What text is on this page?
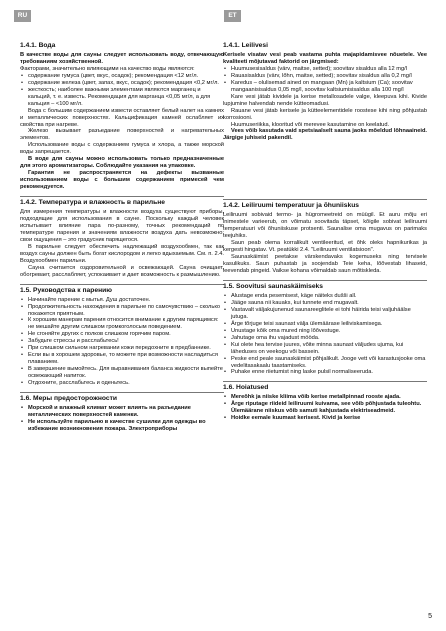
RU	ET
1.4.1. Вода

В качестве воды для сауны следует использовать воду, отвечающую требованиям хозяйственной.

Факторами, значительно влияющими на качество воды являются:

• содержание гумуса (цвет, вкус, осадок); рекомендация <12 мг/л.
• содержание железа (цвет, запах, вкус, осадок); рекомендация <0,2 мг/л.
• жесткость; наиболее важными элементами являются марганец и кальций, т. е. известь. Рекомендация для марганца <0,05 мг/л, а для кальция – <100 мг/л.

Вода с большим содержанием извести оставляет белый налет на камнях и металлических поверхностях. Кальцификация камней ослабляет их свойства при нагреве.

Железо вызывает разъедание поверхностей и нагревательных элементов.

Использование воды с содержанием гумуса и хлора, а также морской воды запрещается.

В воде для сауны можно использовать только предназначенные для этого ароматизаторы. Соблюдайте указания на упаковке.

Гарантия не распространяется на дефекты вызванные использованием воды с большим содержанием примесей чем рекомендуется.

1.4.2. Температура и влажность в парильне

Для измерения температуры и влажности воздуха существуют приборы, подходящие для использования в сауне. Поскольку каждый человек испытывает влияние пара по-разному, точных рекомендаций по температуре парения и значениям влажности воздуха дать невозможно: свои ощущения – это градусник парящегося.

В парильне следует обеспечить надлежащий воздухообмен, так как воздух сауны должен быть богат кислородом и легко вдыхаемым. См. п. 2.4. Воздухообмен парильни.

Сауна считается оздоровительной и освежающей. Сауна очищает, обогревает, расслабляет, успокаивает и дает возможность к размышлению.

1.5. Руководства к парению
• Начинайте парение с мытья. Душ достаточен.
• Продолжительность нахождения в парильне по самочувствию – сколько покажется приятным.
• К хорошим манерам парения относится внимание к другим парящимся: не мешайте другим слишком громкоголосым поведением.
• Не сгоняйте других с полков слишком горячим паром.
• Забудьте стрессы и расслабьтесь!
• При слишком сильном нагревании кожи передохните в предбаннике.
• Если вы в хорошем здоровье, то можете при возможности насладиться плаванием.
• В завершение вымойтесь. Для выравнивания баланса жидкости выпейте освежающий напиток.
• Отдохните, расслабьтесь и оденьтесь.
1.6. Меры предосторожности
• Морской и влажный климат может влиять на разъедание металлических поверхностей каменки.
• Не используйте парильню в качестве сушилки для одежды во избежание возникновения пожара. Электроприборы
1.4.1. Leilivesi

Kerisele visatav vesi peab vastama puhta majapidamisvee nõuetele. Vee kvaliteeti mõjutavad faktorid on järgmised:

• Huumusesisaldus (värv, maitse, setted); soovitav sisaldus alla 12 mg/l
• Rauasisaldus (värv, lõhn, maitse, setted); soovitav sisaldus alla 0,2 mg/l
• Karedus – olulisemad ained on mangaan (Mn) ja kaltsium (Ca); soovitav mangaanisisaldus 0,05 mg/l, soovitav kaltsiumisisaldus alla 100 mg/l

Kare vesi jätab kividele ja kerise metallosadele valge, kleepuva kihi. Kivide lupjumine halvendab nende kütteomadusi.

Rauane vesi jätab kerisele ja küttеelementidele roostese kihi ning põhjustab korrosiooni.

Huumuseriikka, klooritud või mereveе kasutamine on keelatud.

Vees võib kasutada vaid spetsiaalselt sauna jaoks mõeldud lõhnaaineid. Järgige juhiseid pakendil.

1.4.2. Leiliruumi temperatuur ja õhuniiskus

Leiliruumi sobivaid termo- ja hügromeetreid on müügil. Et auru mõju eri inimestele varieerub, on võimatu soovitada täpset, kõigile sobivat leiliruumi temperatuuri või õhuniiskuse protsenti. Saunalise oma mugavus on parimaks teejuhiks.

Saun peab olema korralikult ventileeritud, et õhk oleks hapnikurikas ja kergesti hingatav. Vt. peatükki 2.4. "Leiliruumi ventilatsioon".

Saunaskäimist peetakse värskendavaks kogemuseks ning tervisele kasulikuks. Saun puhastab ja soojendab Teie keha, lõõvestab lihaseid, leevendab pingeid. Vaikse kohana võimaldab saun mõtiskleda.

1.5. Soovitusi saunaskäimiseks
• Alustage enda pesemisest, käge näiteks dušši all.
• Jääge sauna nii kauaks, kui tunnete end mugavalt.
• Vastavalt väljakujunenud saunareeglitele ei tohi häirida teisi valjuhäälse jutuga.
• Ärge tõrjuge teisi saunast välja ülemäärase leiliviskamisega.
• Unustage kõik oma mured ning lõõvestuge.
• Jahutage oma ihu vajadust mööda.
• Kui olete hea tervise juures, võite minna saunast väljudes ujuma, kui läheduses on veekogu või bassein.
• Peske end peale saunaskäimist põhjalikult. Joogе vett või karastusjooke oma vedelitasakaalu taastamiseks.
• Puhake enne riietumist ning laske pulsil normaliseeruda.
1.6. Hoiatused
• Merеõhk ja niiske kliima võib kerise metallpinnad rooste ajada.
• Ärge riputage riideid leiliruumi kuivama, see võib põhjustada tuleohtu. Ülemäärane niiskus võib samuti kahjustada elektriseadmeid.
• Hoidke eemale kuumast kerisest. Kivid ja kerise
5
